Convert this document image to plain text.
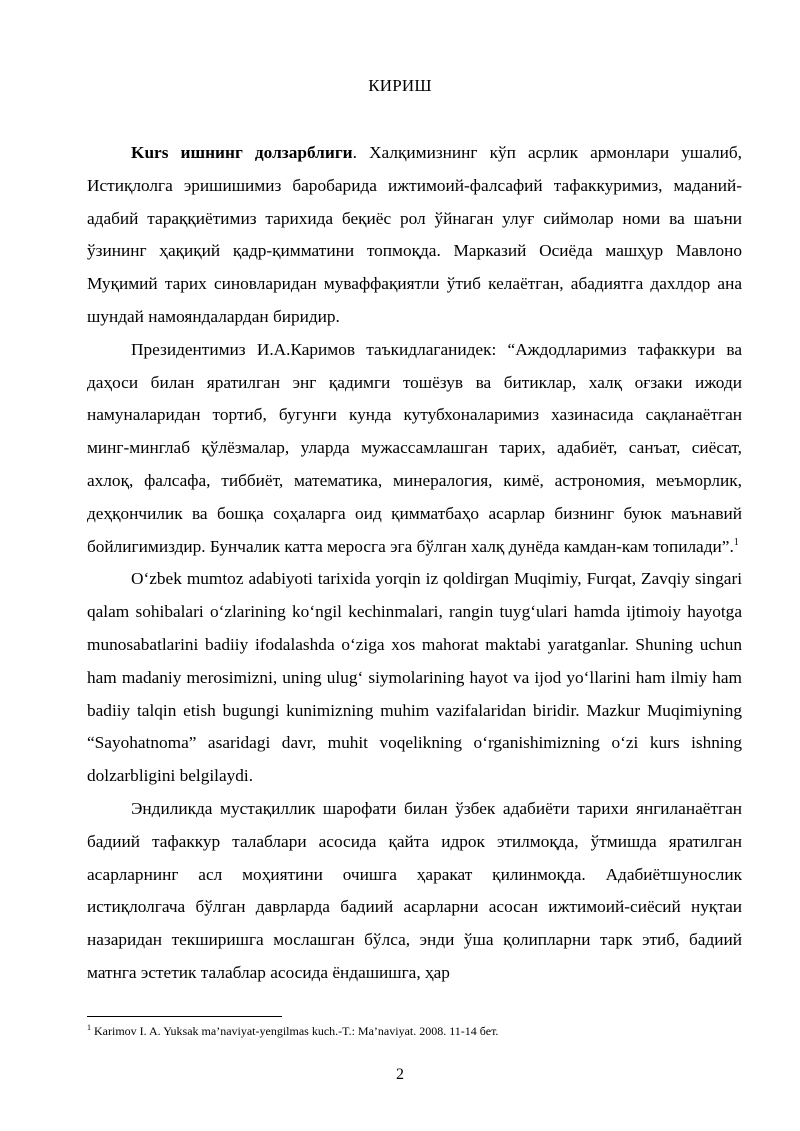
КИРИШ

Kurs ишнинг долзарблиги. Халқимизнинг кўп асрлик армонлари ушалиб, Истиқлолга эришишимиз баробарида ижтимоий-фалсафий тафаккуримиз, маданий-адабий тараққиётимиз тарихида беқиёс рол ўйнаган улуғ сиймолар номи ва шаъни ўзининг ҳақиқий қадр-қимматини топмоқда. Марказий Осиёда машҳур Мавлоно Муқимий тарих синовларидан муваффақиятли ўтиб келаётган, абадиятга дахлдор ана шундай намояндалардан биридир.

Президентимиз И.А.Каримов таъкидлаганидек: “Аждодларимиз тафаккури ва даҳоси билан яратилган энг қадимги тошёзув ва битиклар, халқ оғзаки ижоди намуналаридан тортиб, бугунги кунда кутубхоналаримиз хазинасида сақланаётган минг-минглаб қўлёзмалар, уларда мужассамлашган тарих, адабиёт, санъат, сиёсат, ахлоқ, фалсафа, тиббиёт, математика, минералогия, кимё, астрономия, меъморлик, деҳқончилик ва бошқа соҳаларга оид қимматбаҳо асарлар бизнинг буюк маънавий бойлигимиздир. Бунчалик катта меросга эга бўлган халқ дунёда камдан-кам топилади”.$^1$

Oʻzbek mumtoz adabiyoti tarixida yorqin iz qoldirgan Muqimiy, Furqat, Zavqiy singari qalam sohibalari oʻzlarining koʻngil kechinmalari, rangin tuygʻulari hamda ijtimoiy hayotga munosabatlarini badiiy ifodalashda oʻziga xos mahorat maktabi yaratganlar. Shuning uchun ham madaniy merosimizni, uning ulugʻ siymolarining hayot va ijod yoʻllarini ham ilmiy ham badiiy talqin etish bugungi kunimizning muhim vazifalaridan biridir. Mazkur Muqimiyning “Sayohatnoma” asaridagi davr, muhit voqelikning oʻrganishimizning oʻzi kurs ishning dolzarbligini belgilaydi.

Эндиликда мустақиллик шарофати билан ўзбек адабиёти тарихи янгиланаётган бадиий тафаккур талаблари асосида қайта идрок этилмоқда, ўтмишда яратилган асарларнинг асл моҳиятини очишга ҳаракат қилинмоқда. Адабиётшунослик истиқлолгача бўлган даврларда бадиий асарларни асосан ижтимоий-сиёсий нуқтаи назаридан текширишга мослашган бўлса, энди ўша қолипларни тарк этиб, бадиий матнга эстетик талаблар асосида ёндашишга, ҳар

$^1$ Karimov I. A. Yuksak ma’naviyat-yengilmas kuch.-T.: Ma’naviyat. 2008. 11-14 бет.
2
